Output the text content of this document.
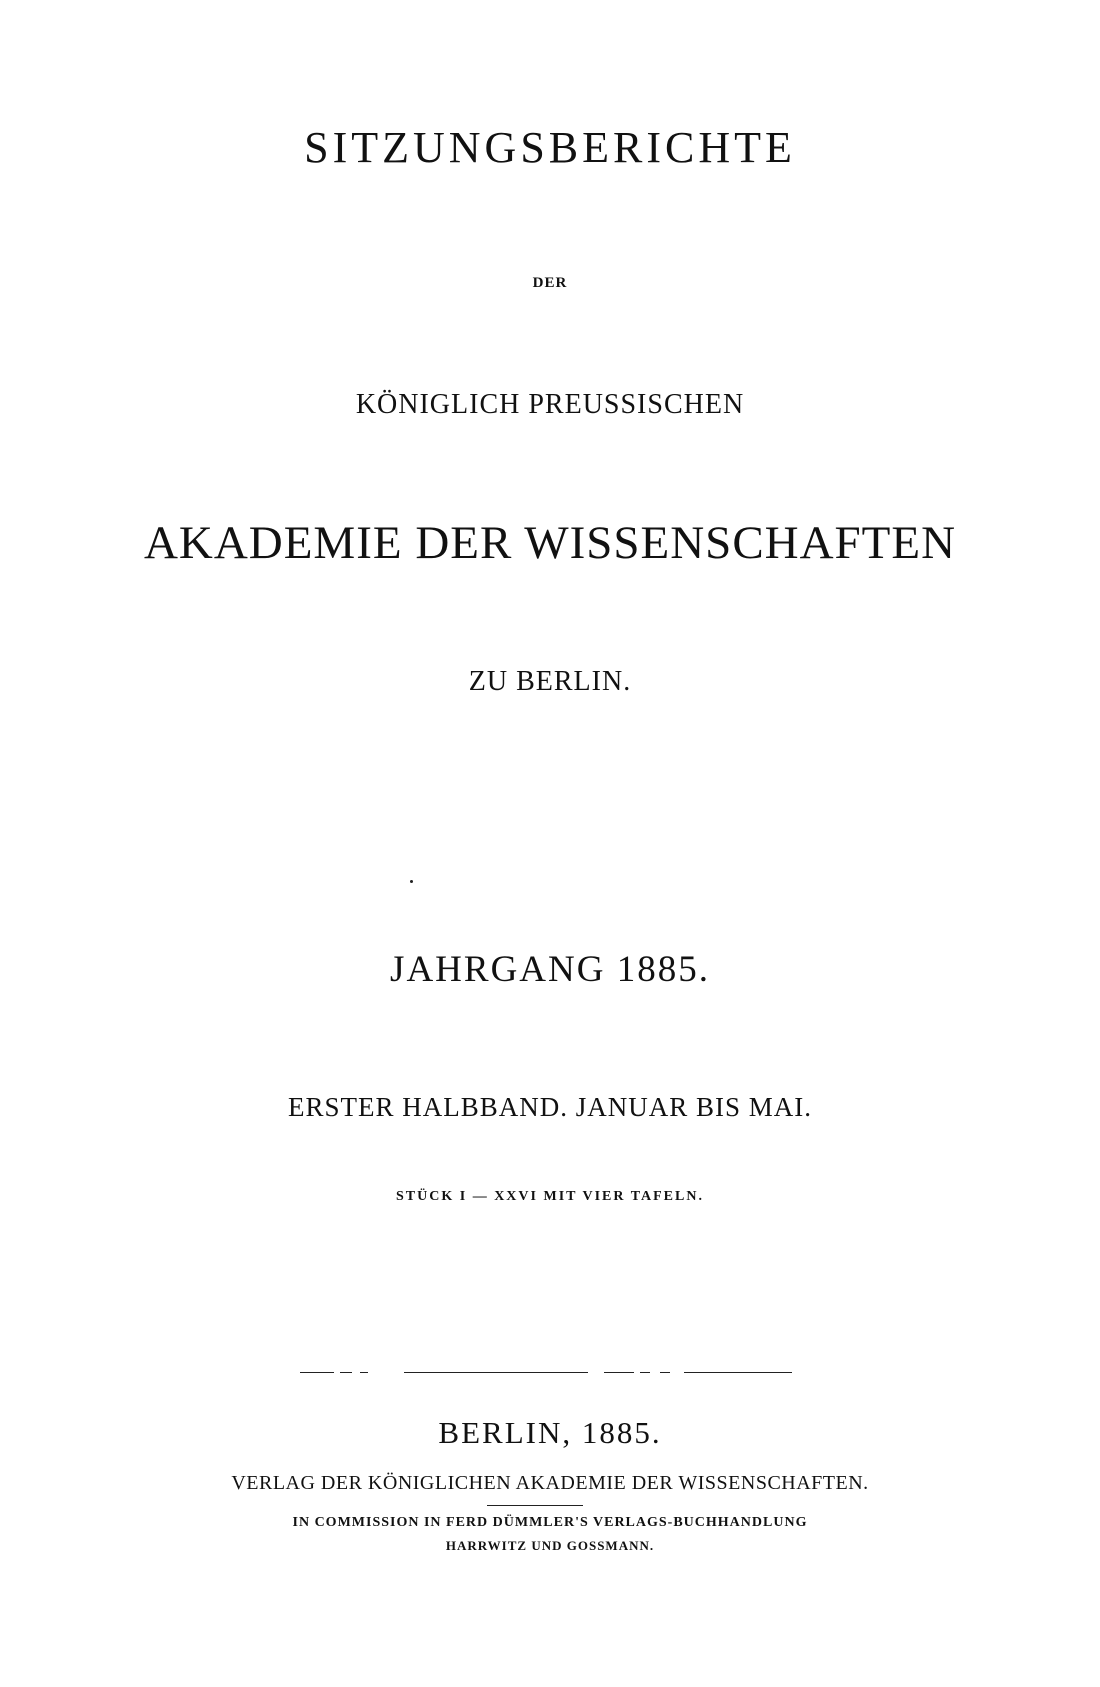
SITZUNGSBERICHTE
DER
KÖNIGLICH PREUSSISCHEN
AKADEMIE DER WISSENSCHAFTEN
ZU BERLIN.
JAHRGANG 1885.
ERSTER HALBBAND. JANUAR BIS MAI.
STÜCK I — XXVI MIT VIER TAFELN.
BERLIN, 1885.
VERLAG DER KÖNIGLICHEN AKADEMIE DER WISSENSCHAFTEN.
IN COMMISSION IN FERD DÜMMLER'S VERLAGS-BUCHHANDLUNG
HARRWITZ UND GOSSMANN.
